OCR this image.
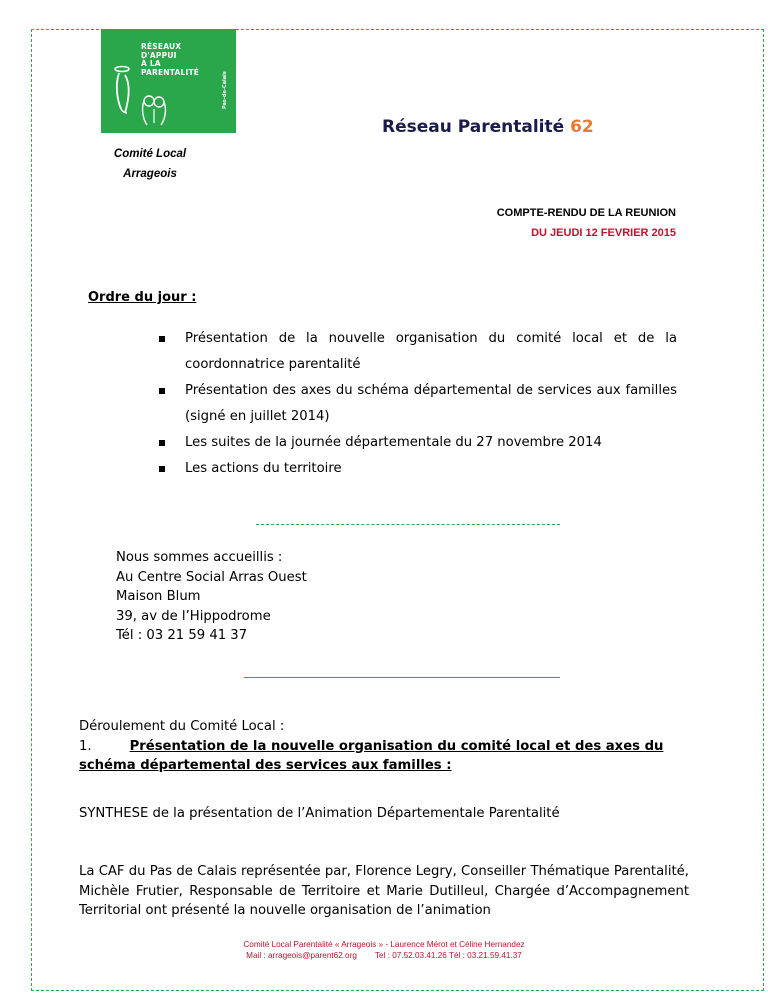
RÉSEAUX
D'APPUI
À LA
PARENTALITÉ	Pas-de-Calais
Comité Local
Arrageois
Réseau Parentalité 62
COMPTE-RENDU DE LA REUNION
DU JEUDI 12 FEVRIER 2015
Ordre du jour :
Présentation de la nouvelle organisation du comité local et de la coordonnatrice parentalité
Présentation des axes du schéma départemental de services aux familles (signé en juillet 2014)
Les suites de la journée départementale du 27 novembre 2014
Les actions du territoire
Nous sommes accueillis :
Au Centre Social Arras Ouest
Maison Blum
39, av de l’Hippodrome
Tél : 03 21 59 41 37
Déroulement du Comité Local :
1.	Présentation de la nouvelle organisation du comité local et des axes du schéma départemental des services aux familles :
SYNTHESE de la présentation de l’Animation Départementale Parentalité
La CAF du Pas de Calais représentée par, Florence Legry, Conseiller Thématique Parentalité, Michèle Frutier, Responsable de Territoire et Marie Dutilleul, Chargée d’Accompagnement Territorial ont présenté la nouvelle organisation de l’animation
Comité Local Parentalité « Arrageois » - Laurence Mérot et Céline Hernandez
Mail : arrageois@parent62.org        Tel : 07.52.03.41.26 Tél : 03.21.59.41.37
